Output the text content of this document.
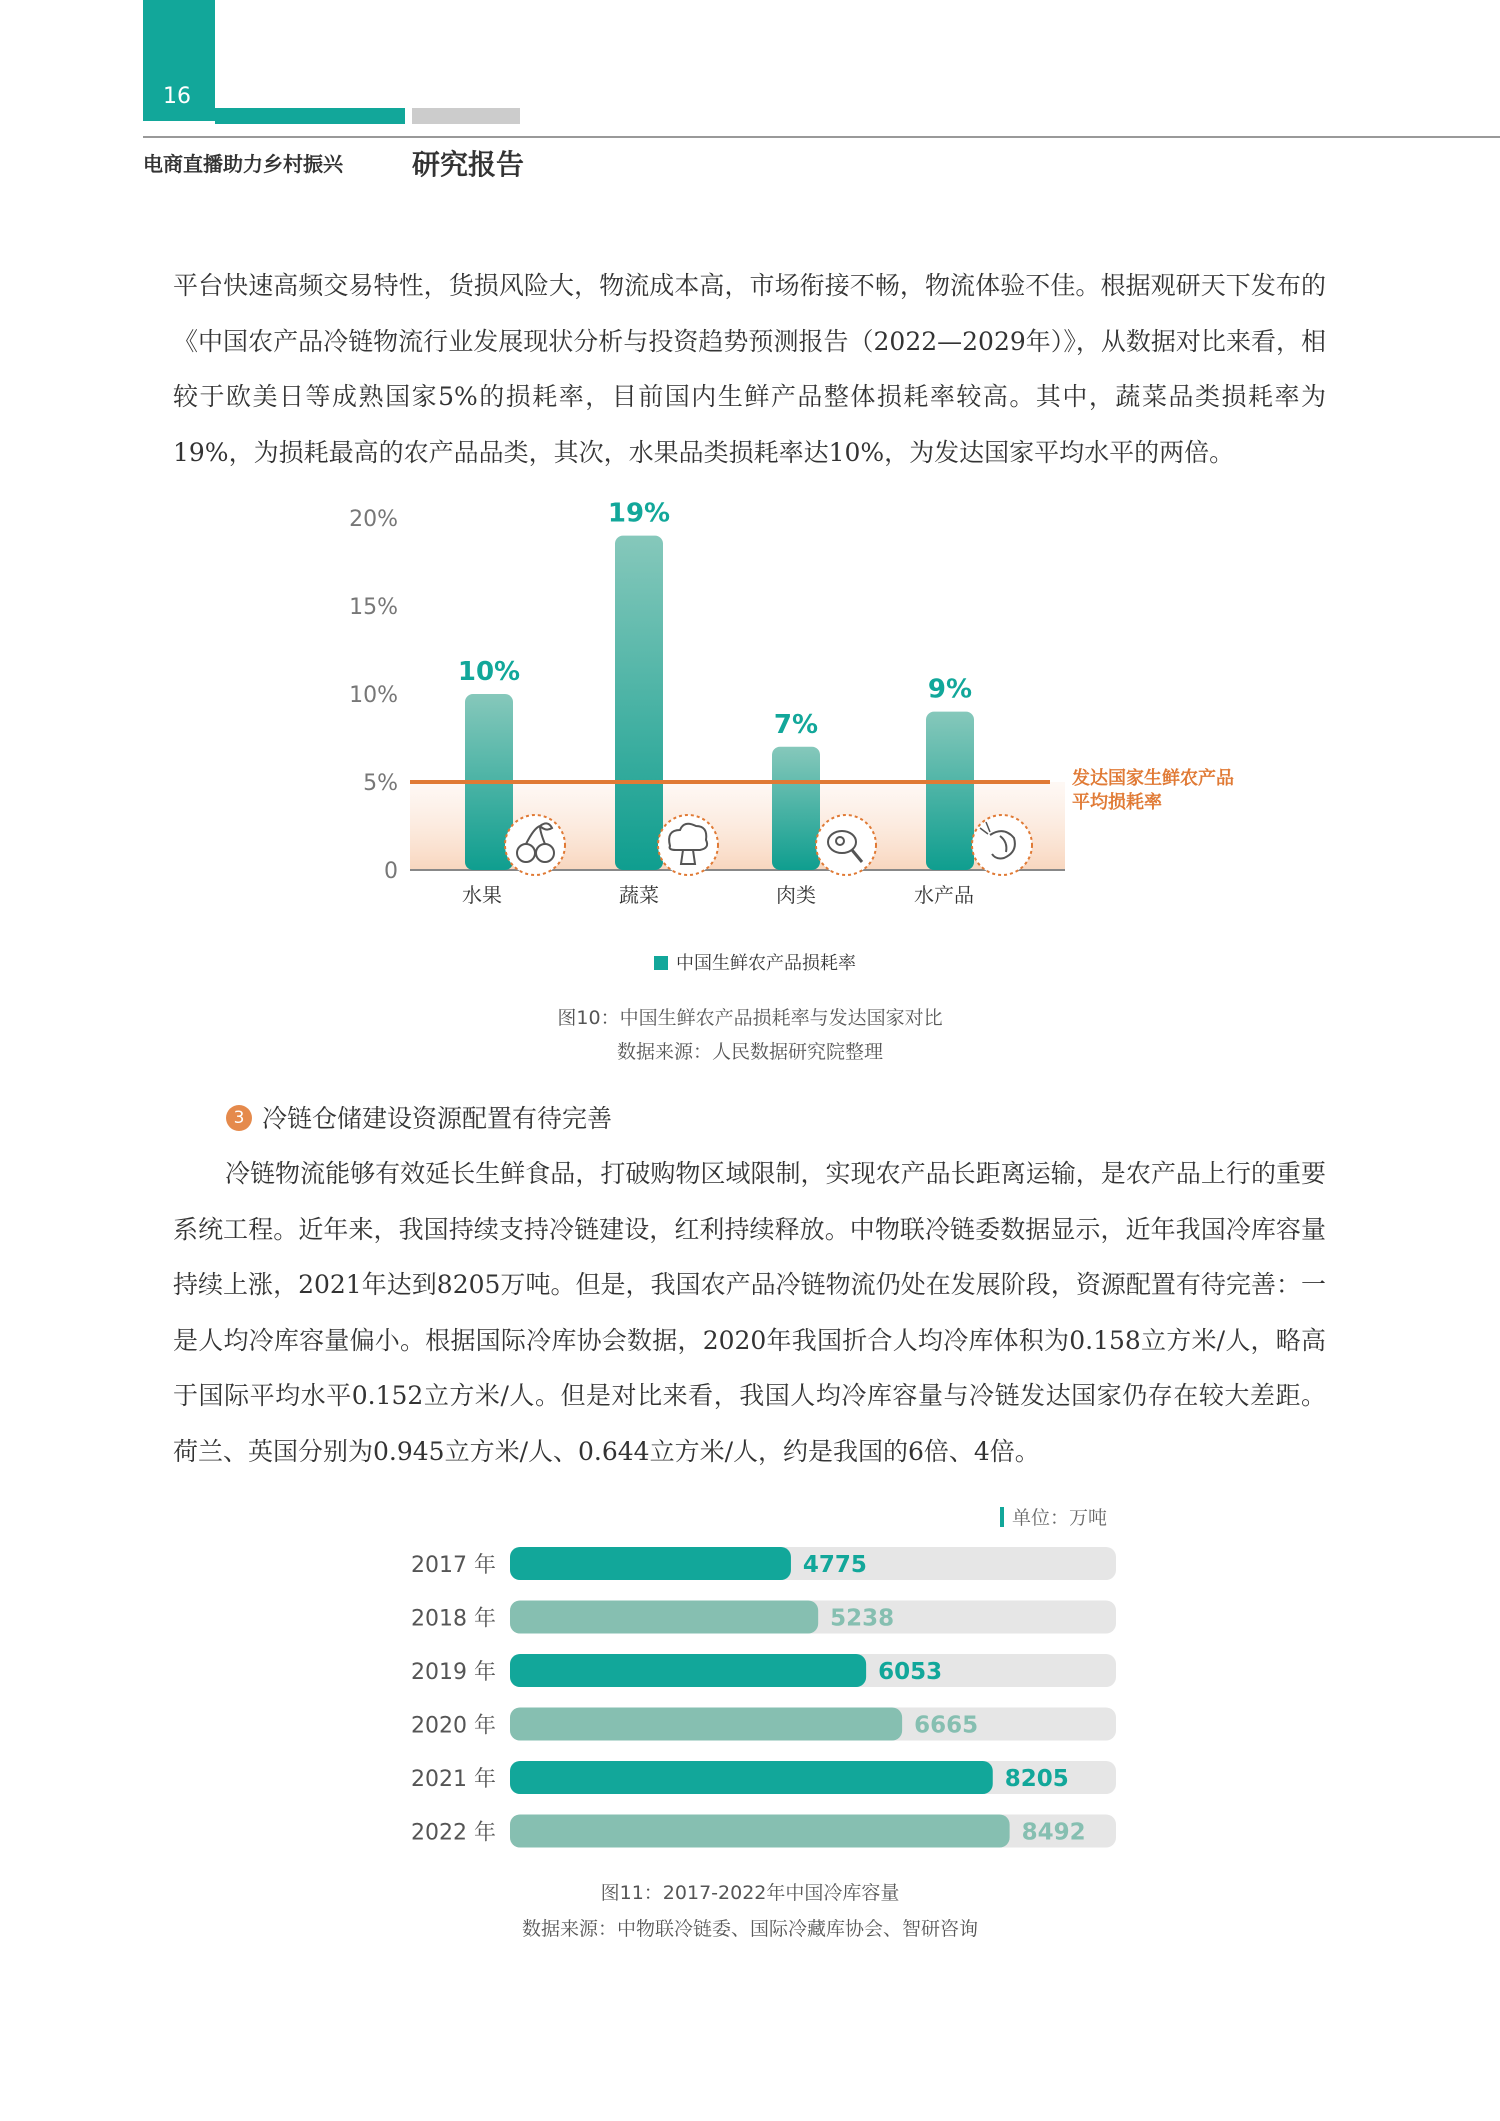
16
电商直播助力乡村振兴 研究报告

平台快速高频交易特性，货损风险大，物流成本高，市场衔接不畅，物流体验不佳。根据观研天下发布的《中国农产品冷链物流行业发展现状分析与投资趋势预测报告（2022—2029年）》，从数据对比来看，相较于欧美日等成熟国家5%的损耗率，目前国内生鲜产品整体损耗率较高。其中，蔬菜品类损耗率为19%，为损耗最高的农产品品类，其次，水果品类损耗率达10%，为发达国家平均水平的两倍。

0
5%
10%
15%
20%
发达国家生鲜农产品
平均损耗率
10%
19%
7%
9%
水果	蔬菜	肉类	水产品
中国生鲜农产品损耗率
图10：中国生鲜农产品损耗率与发达国家对比
数据来源：人民数据研究院整理
3 冷链仓储建设资源配置有待完善

冷链物流能够有效延长生鲜食品，打破购物区域限制，实现农产品长距离运输，是农产品上行的重要系统工程。近年来，我国持续支持冷链建设，红利持续释放。中物联冷链委数据显示，近年我国冷库容量持续上涨，2021年达到8205万吨。但是，我国农产品冷链物流仍处在发展阶段，资源配置有待完善：一是人均冷库容量偏小。根据国际冷库协会数据，2020年我国折合人均冷库体积为0.158立方米/人，略高于国际平均水平0.152立方米/人。但是对比来看，我国人均冷库容量与冷链发达国家仍存在较大差距。荷兰、英国分别为0.945立方米/人、0.644立方米/人，约是我国的6倍、4倍。

单位：万吨
2017 年	4775
2018 年	5238
2019 年	6053
2020 年	6665
2021 年	8205
2022 年	8492
图11：2017-2022年中国冷库容量
数据来源：中物联冷链委、国际冷藏库协会、智研咨询
